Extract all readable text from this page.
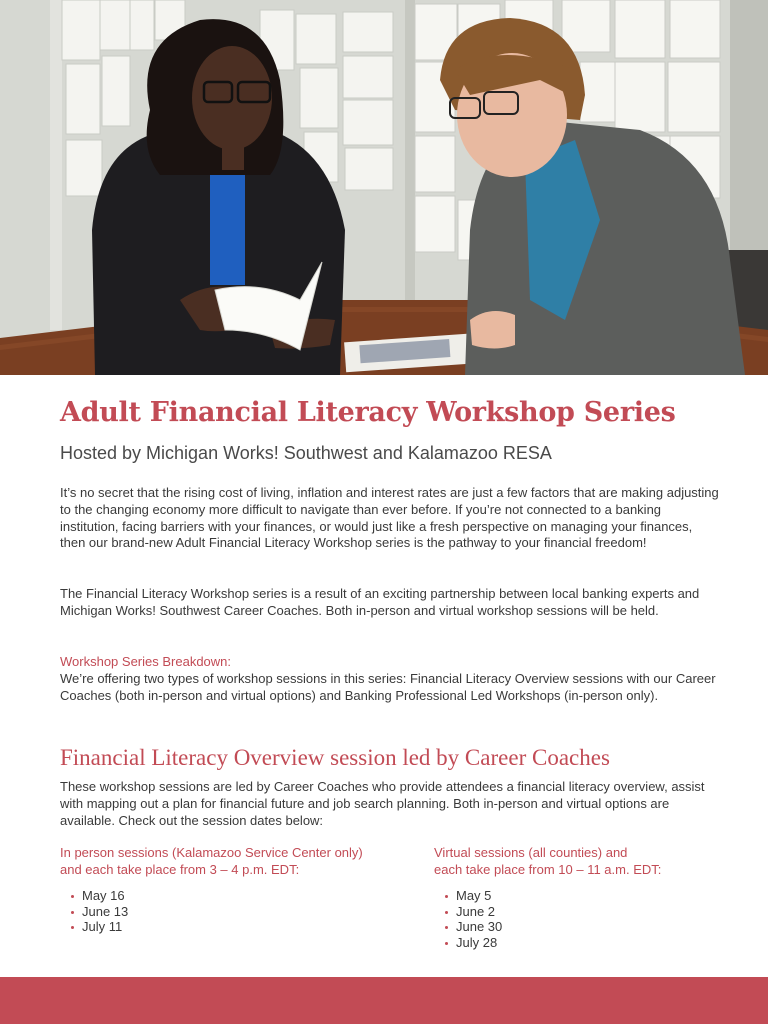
Adult Financial Literacy Workshop Series

Hosted by Michigan Works! Southwest and Kalamazoo RESA

It’s no secret that the rising cost of living, inflation and interest rates are just a few factors that are making adjusting to the changing economy more difficult to navigate than ever before. If you’re not connected to a banking institution, facing barriers with your finances, or would just like a fresh perspective on managing your finances, then our brand-new Adult Financial Literacy Workshop series is the pathway to your financial freedom!

The Financial Literacy Workshop series is a result of an exciting partnership between local banking experts and Michigan Works! Southwest Career Coaches. Both in-person and virtual workshop sessions will be held.

Workshop Series Breakdown:
We’re offering two types of workshop sessions in this series: Financial Literacy Overview sessions with our Career Coaches (both in-person and virtual options) and Banking Professional Led Workshops (in-person only).
Financial Literacy Overview session led by Career Coaches

These workshop sessions are led by Career Coaches who provide attendees a financial literacy overview, assist with mapping out a plan for financial future and job search planning. Both in-person and virtual options are available. Check out the session dates below:

In person sessions (Kalamazoo Service Center only)
and each take place from 3 – 4 p.m. EDT:

May 16
June 13
July 11

Virtual sessions (all counties) and
each take place from 10 – 11 a.m. EDT:

May 5
June 2
June 30
July 28
